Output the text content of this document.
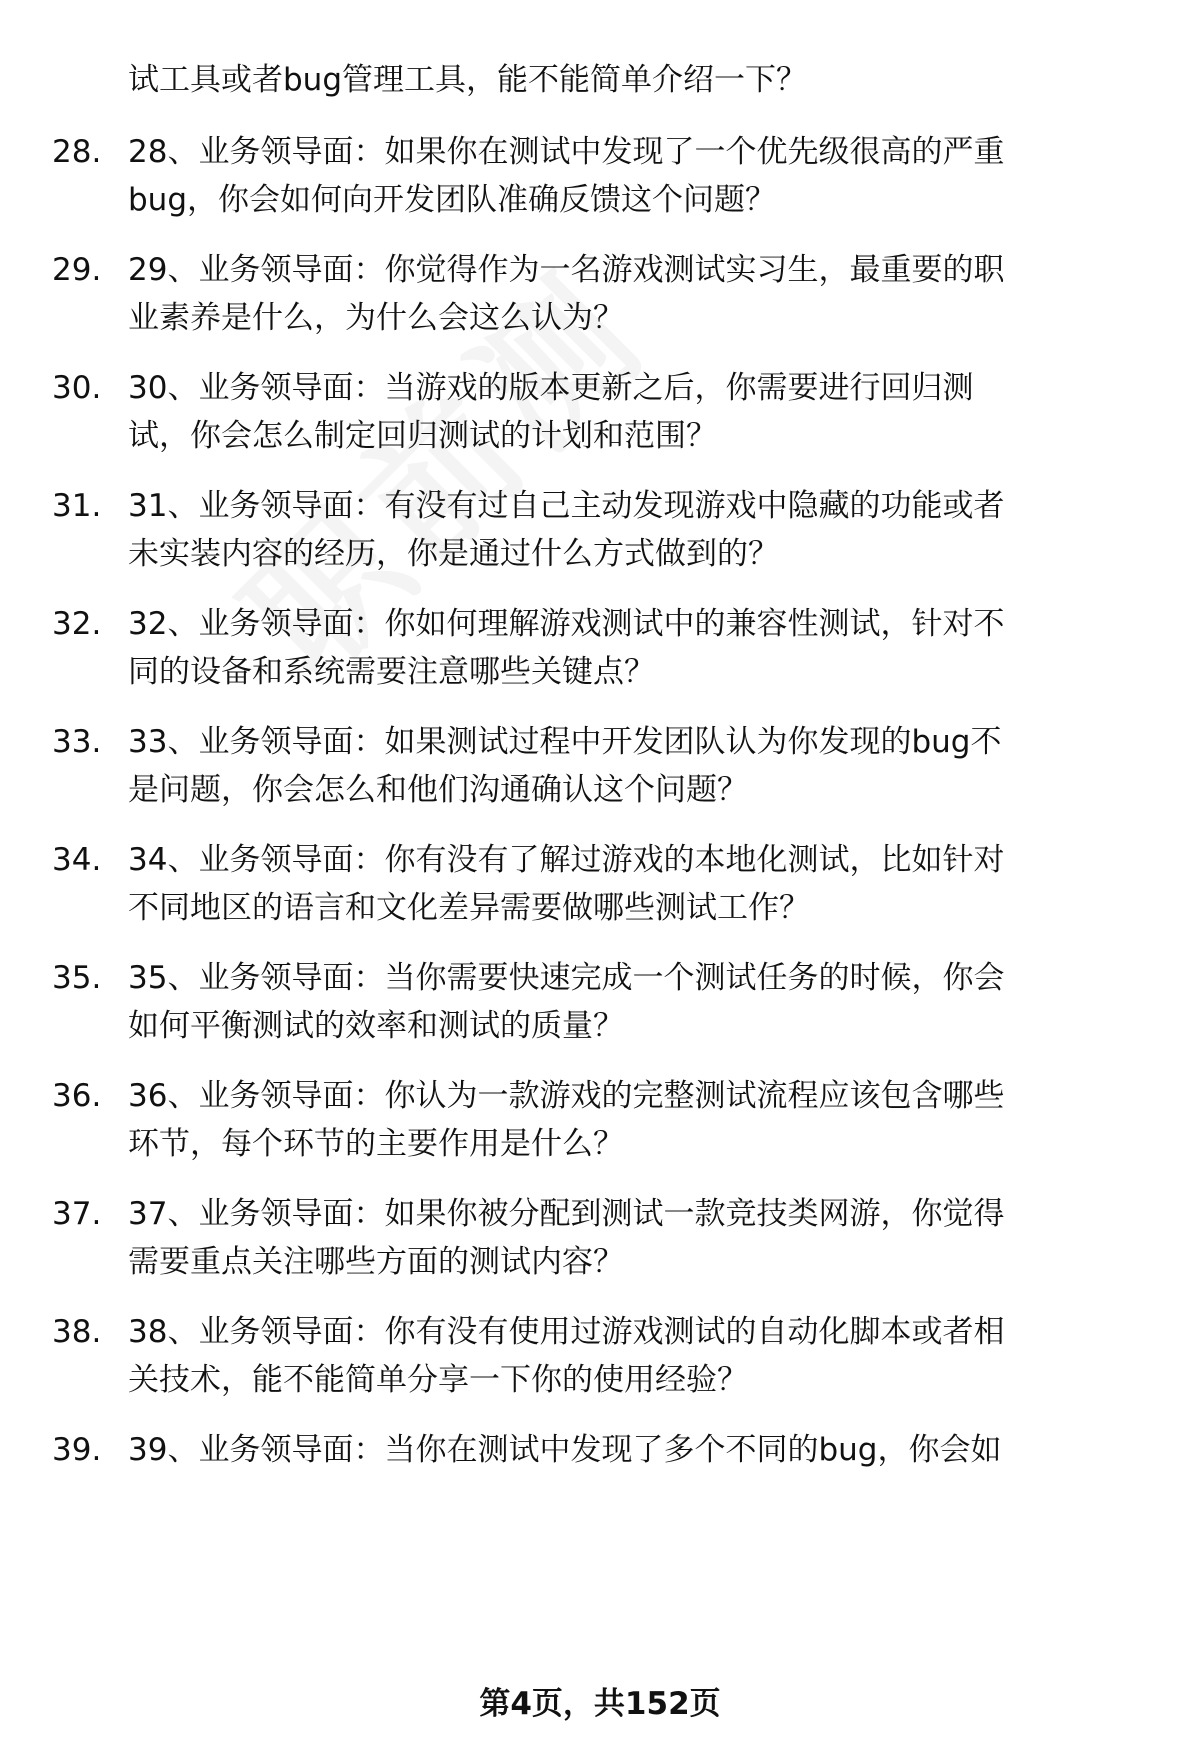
试工具或者bug管理工具，能不能简单介绍一下？
28. 28、业务领导面：如果你在测试中发现了一个优先级很高的严重
bug，你会如何向开发团队准确反馈这个问题？
29. 29、业务领导面：你觉得作为一名游戏测试实习生，最重要的职
业素养是什么，为什么会这么认为？
30. 30、业务领导面：当游戏的版本更新之后，你需要进行回归测
试，你会怎么制定回归测试的计划和范围？
31. 31、业务领导面：有没有过自己主动发现游戏中隐藏的功能或者
未实装内容的经历，你是通过什么方式做到的？
32. 32、业务领导面：你如何理解游戏测试中的兼容性测试，针对不
同的设备和系统需要注意哪些关键点？
33. 33、业务领导面：如果测试过程中开发团队认为你发现的bug不
是问题，你会怎么和他们沟通确认这个问题？
34. 34、业务领导面：你有没有了解过游戏的本地化测试，比如针对
不同地区的语言和文化差异需要做哪些测试工作？
35. 35、业务领导面：当你需要快速完成一个测试任务的时候，你会
如何平衡测试的效率和测试的质量？
36. 36、业务领导面：你认为一款游戏的完整测试流程应该包含哪些
环节，每个环节的主要作用是什么？
37. 37、业务领导面：如果你被分配到测试一款竞技类网游，你觉得
需要重点关注哪些方面的测试内容？
38. 38、业务领导面：你有没有使用过游戏测试的自动化脚本或者相
关技术，能不能简单分享一下你的使用经验？
39. 39、业务领导面：当你在测试中发现了多个不同的bug，你会如
第4页，共152页
